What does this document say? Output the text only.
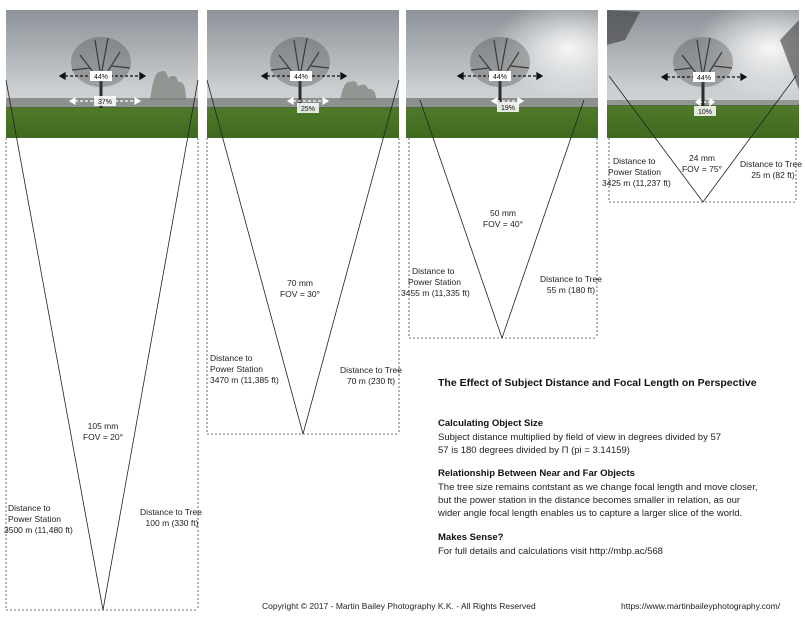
44%
37%
44%
25%
44%
19%
44%
10%
105 mm
FOV = 20°
Distance to
Power Station
3500 m (11,480 ft)
Distance to Tree
100 m (330 ft)
70 mm
FOV = 30°
Distance to
Power Station
3470 m (11,385 ft)
Distance to Tree
70 m (230 ft)
50 mm
FOV = 40°
Distance to
Power Station
3455 m (11,335 ft)
Distance to Tree
55 m (180 ft)
24 mm
FOV = 75°
Distance to
Power Station
3425 m (11,237 ft)
Distance to Tree
25 m (82 ft)
The Effect of Subject Distance and Focal Length on Perspective
Calculating Object Size
Subject distance multiplied by field of view in degrees divided by 57
57 is 180 degrees divided by Π (pi = 3.14159)
Relationship Between Near and Far Objects
The tree size remains contstant as we change focal length and move closer,
but the power station in the distance becomes smaller in relation, as our
wider angle focal length enables us to capture a larger slice of the world.
Makes Sense?
For full details and calculations visit http://mbp.ac/568
Copyright © 2017 - Martin Bailey Photography K.K. - All Rights Reserved	https://www.martinbaileyphotography.com/
